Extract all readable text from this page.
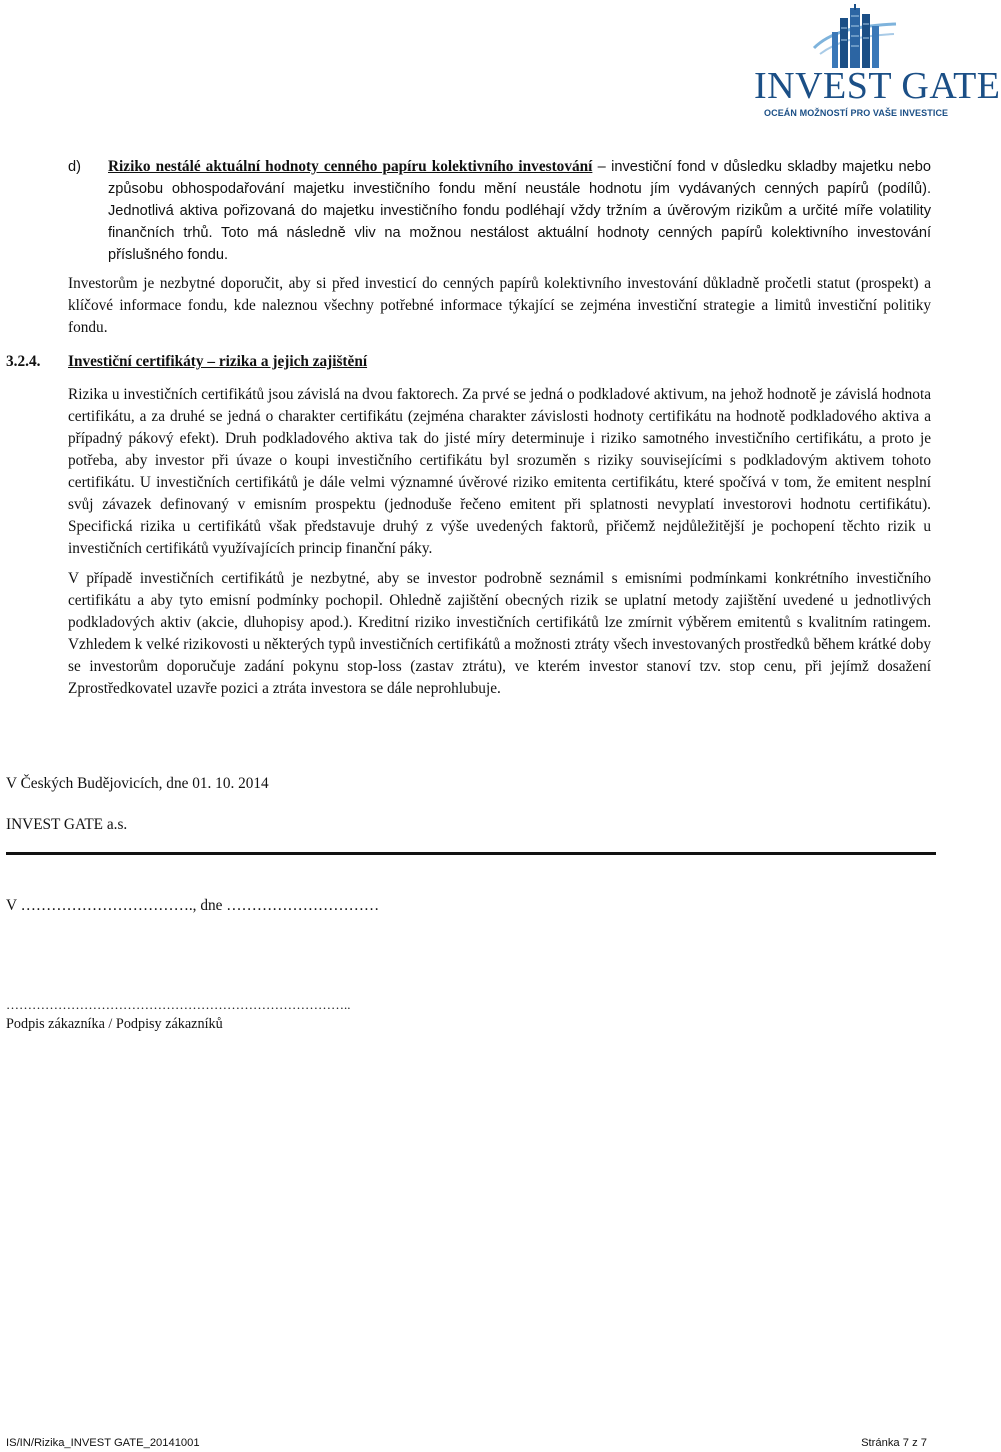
INVEST GATE
OCEÁN MOŽNOSTÍ PRO VAŠE INVESTICE
d) Riziko nestálé aktuální hodnoty cenného papíru kolektivního investování – investiční fond v důsledku skladby majetku nebo způsobu obhospodařování majetku investičního fondu mění neustále hodnotu jím vydávaných cenných papírů (podílů). Jednotlivá aktiva pořizovaná do majetku investičního fondu podléhají vždy tržním a úvěrovým rizikům a určité míře volatility finančních trhů. Toto má následně vliv na možnou nestálost aktuální hodnoty cenných papírů kolektivního investování příslušného fondu.
Investorům je nezbytné doporučit, aby si před investicí do cenných papírů kolektivního investování důkladně pročetli statut (prospekt) a klíčové informace fondu, kde naleznou všechny potřebné informace týkající se zejména investiční strategie a limitů investiční politiky fondu.
3.2.4. Investiční certifikáty – rizika a jejich zajištění
Rizika u investičních certifikátů jsou závislá na dvou faktorech. Za prvé se jedná o podkladové aktivum, na jehož hodnotě je závislá hodnota certifikátu, a za druhé se jedná o charakter certifikátu (zejména charakter závislosti hodnoty certifikátu na hodnotě podkladového aktiva a případný pákový efekt). Druh podkladového aktiva tak do jisté míry determinuje i riziko samotného investičního certifikátu, a proto je potřeba, aby investor při úvaze o koupi investičního certifikátu byl srozuměn s riziky souvisejícími s podkladovým aktivem tohoto certifikátu. U investičních certifikátů je dále velmi významné úvěrové riziko emitenta certifikátu, které spočívá v tom, že emitent nesplní svůj závazek definovaný v emisním prospektu (jednoduše řečeno emitent při splatnosti nevyplatí investorovi hodnotu certifikátu). Specifická rizika u certifikátů však představuje druhý z výše uvedených faktorů, přičemž nejdůležitější je pochopení těchto rizik u investičních certifikátů využívajících princip finanční páky.
V případě investičních certifikátů je nezbytné, aby se investor podrobně seznámil s emisními podmínkami konkrétního investičního certifikátu a aby tyto emisní podmínky pochopil. Ohledně zajištění obecných rizik se uplatní metody zajištění uvedené u jednotlivých podkladových aktiv (akcie, dluhopisy apod.). Kreditní riziko investičních certifikátů lze zmírnit výběrem emitentů s kvalitním ratingem. Vzhledem k velké rizikovosti u některých typů investičních certifikátů a možnosti ztráty všech investovaných prostředků během krátké doby se investorům doporučuje zadání pokynu stop-loss (zastav ztrátu), ve kterém investor stanoví tzv. stop cenu, při jejímž dosažení Zprostředkovatel uzavře pozici a ztráta investora se dále neprohlubuje.
V Českých Budějovicích, dne 01. 10. 2014
INVEST GATE a.s.
V ……………………………., dne …………………………
……………………………………………………………………..
Podpis zákazníka / Podpisy zákazníků
IS/IN/Rizika_INVEST GATE_20141001	Stránka 7 z 7
